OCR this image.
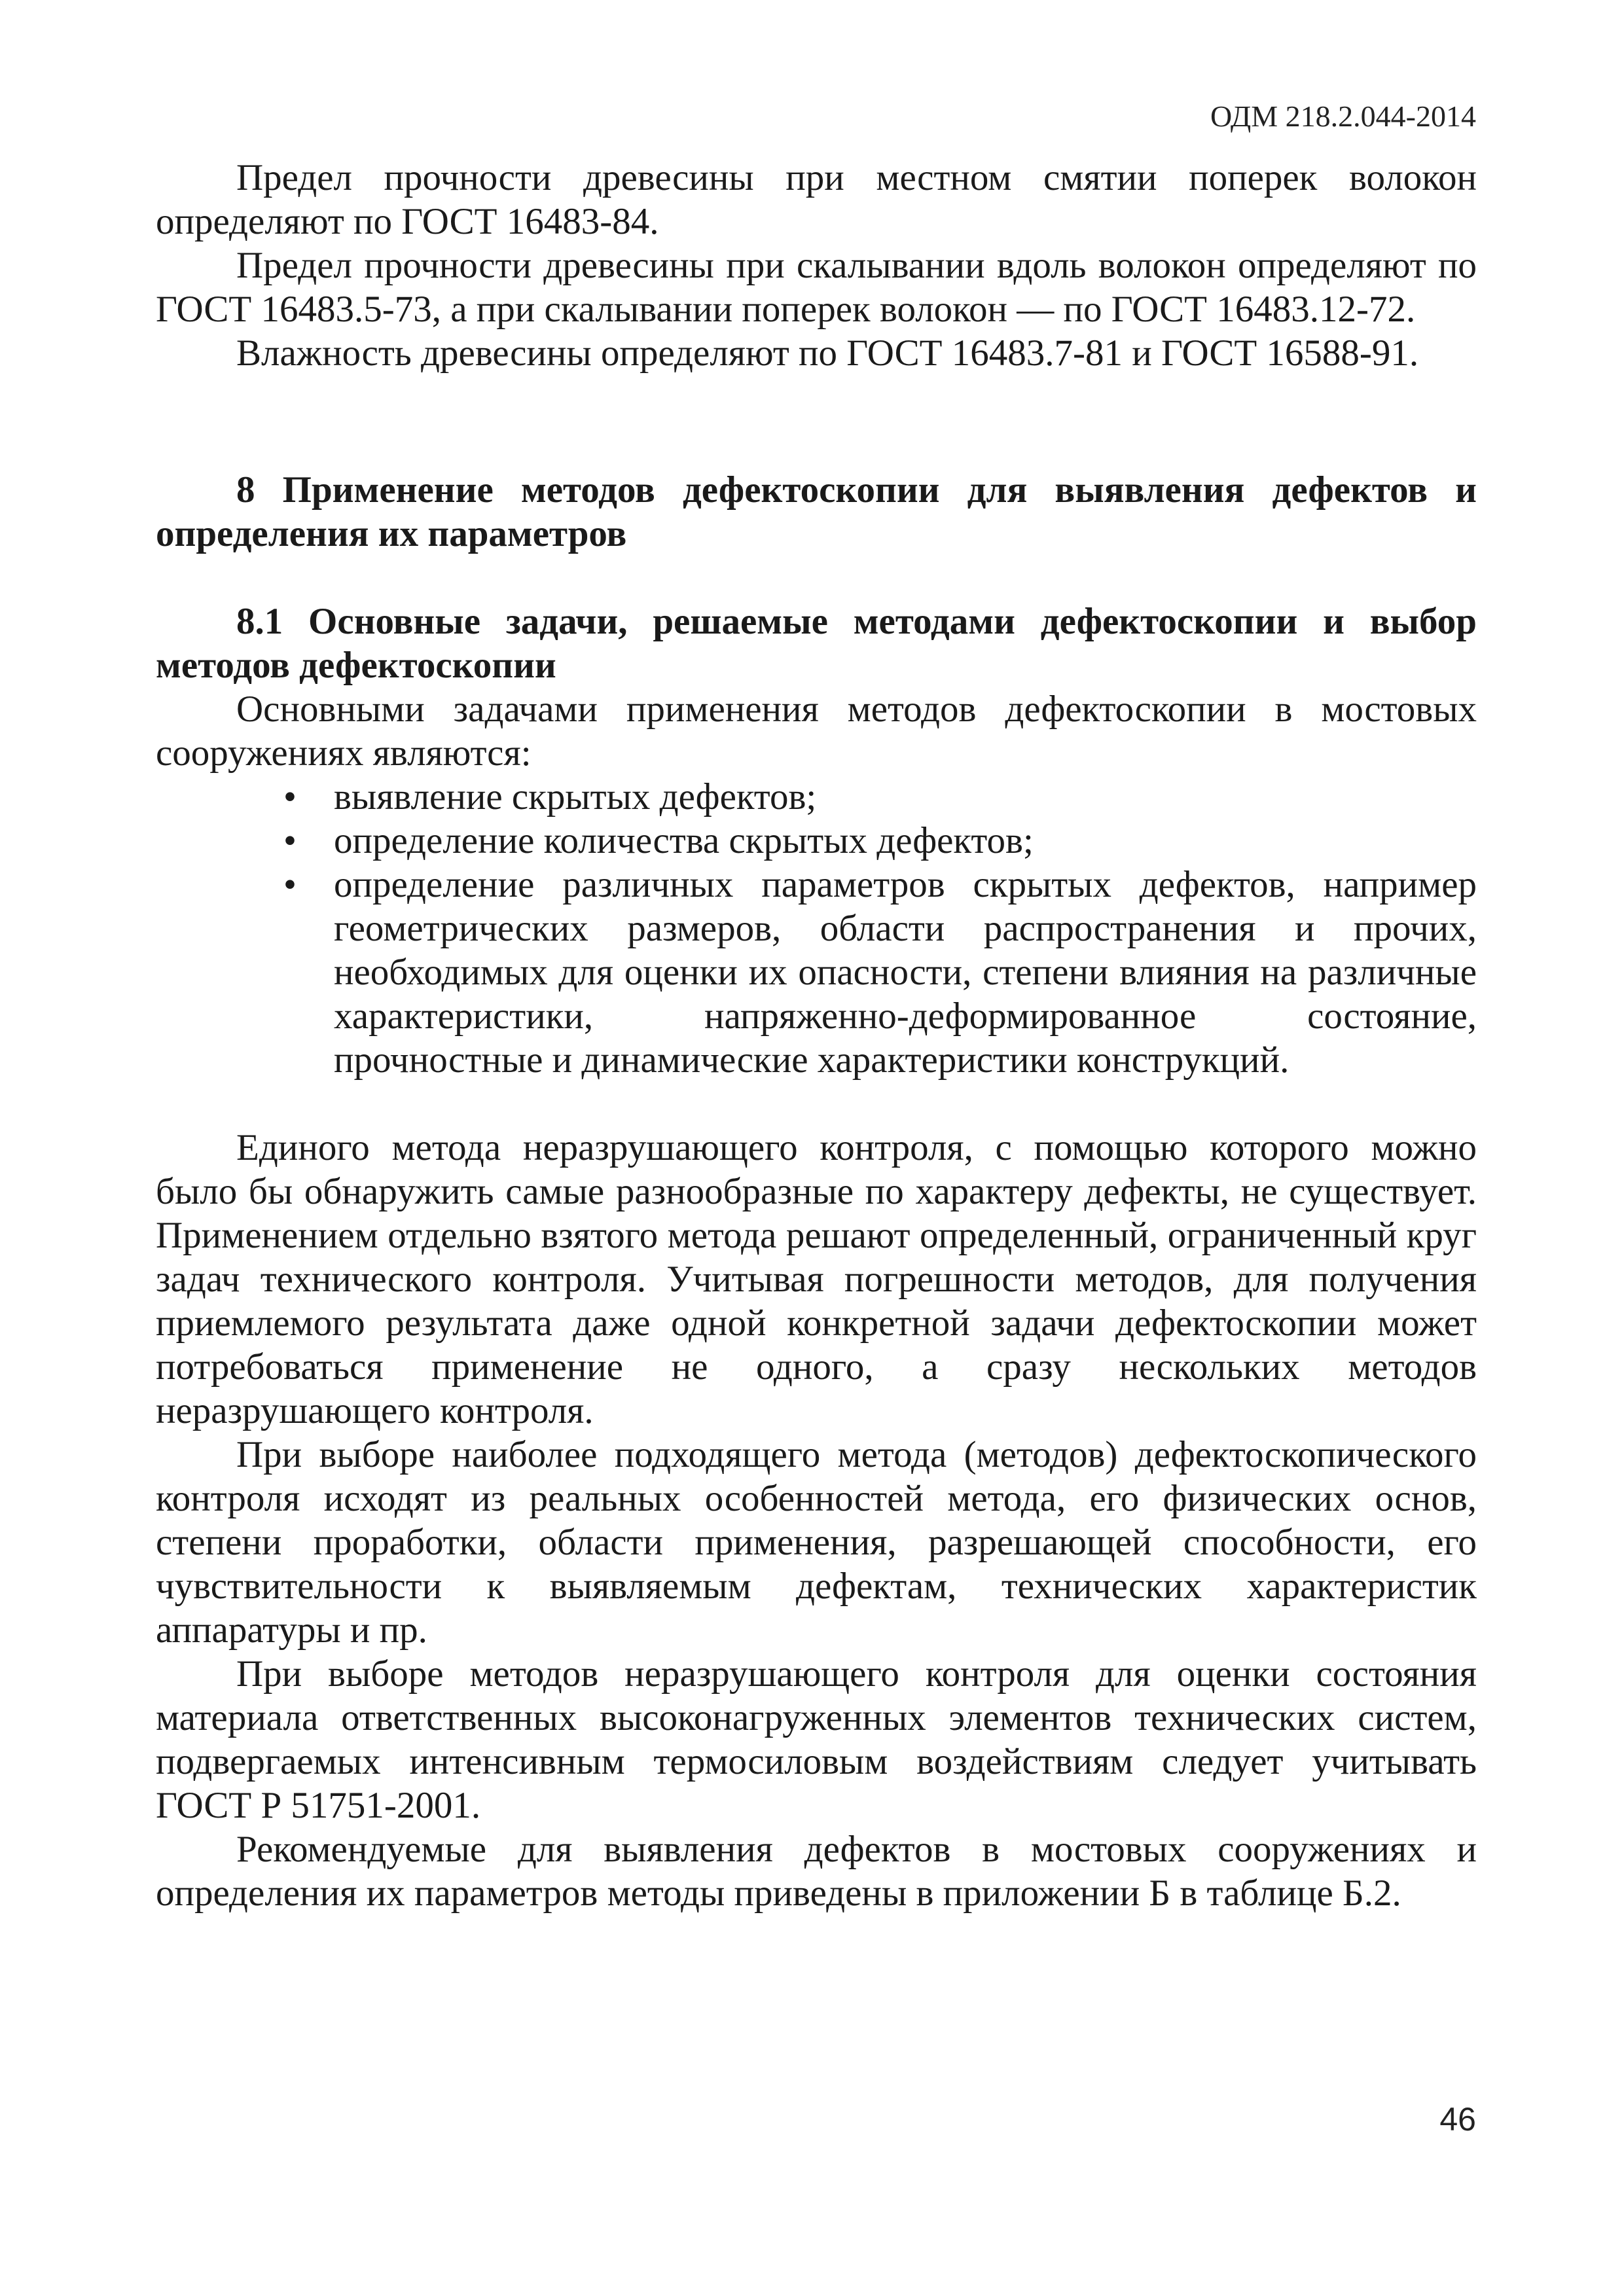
ОДМ 218.2.044-2014

Предел прочности древесины при местном смятии поперек волокон определяют по ГОСТ 16483-84.

Предел прочности древесины при скалывании вдоль волокон определяют по ГОСТ 16483.5-73, а при скалывании поперек волокон — по ГОСТ 16483.12-72.

Влажность древесины определяют по ГОСТ 16483.7-81 и ГОСТ 16588-91.

8 Применение методов дефектоскопии для выявления дефектов и определения их параметров
8.1 Основные задачи, решаемые методами дефектоскопии и выбор методов дефектоскопии

Основными задачами применения методов дефектоскопии в мостовых сооружениях являются:

• выявление скрытых дефектов;
• определение количества скрытых дефектов;
• определение различных параметров скрытых дефектов, например геометрических размеров, области распространения и прочих, необходимых для оценки их опасности, степени влияния на различные характеристики, напряженно-деформированное состояние, прочностные и динамические характеристики конструкций.

Единого метода неразрушающего контроля, с помощью которого можно было бы обнаружить самые разнообразные по характеру дефекты, не существует. Применением отдельно взятого метода решают определенный, ограниченный круг задач технического контроля. Учитывая погрешности методов, для получения приемлемого результата даже одной конкретной задачи дефектоскопии может потребоваться применение не одного, а сразу нескольких методов неразрушающего контроля.

При выборе наиболее подходящего метода (методов) дефектоскопического контроля исходят из реальных особенностей метода, его физических основ, степени проработки, области применения, разрешающей способности, его чувствительности к выявляемым дефектам, технических характеристик аппаратуры и пр.

При выборе методов неразрушающего контроля для оценки состояния материала ответственных высоконагруженных элементов технических систем, подвергаемых интенсивным термосиловым воздействиям следует учитывать ГОСТ Р 51751-2001.

Рекомендуемые для выявления дефектов в мостовых сооружениях и определения их параметров методы приведены в приложении Б в таблице Б.2.

46
